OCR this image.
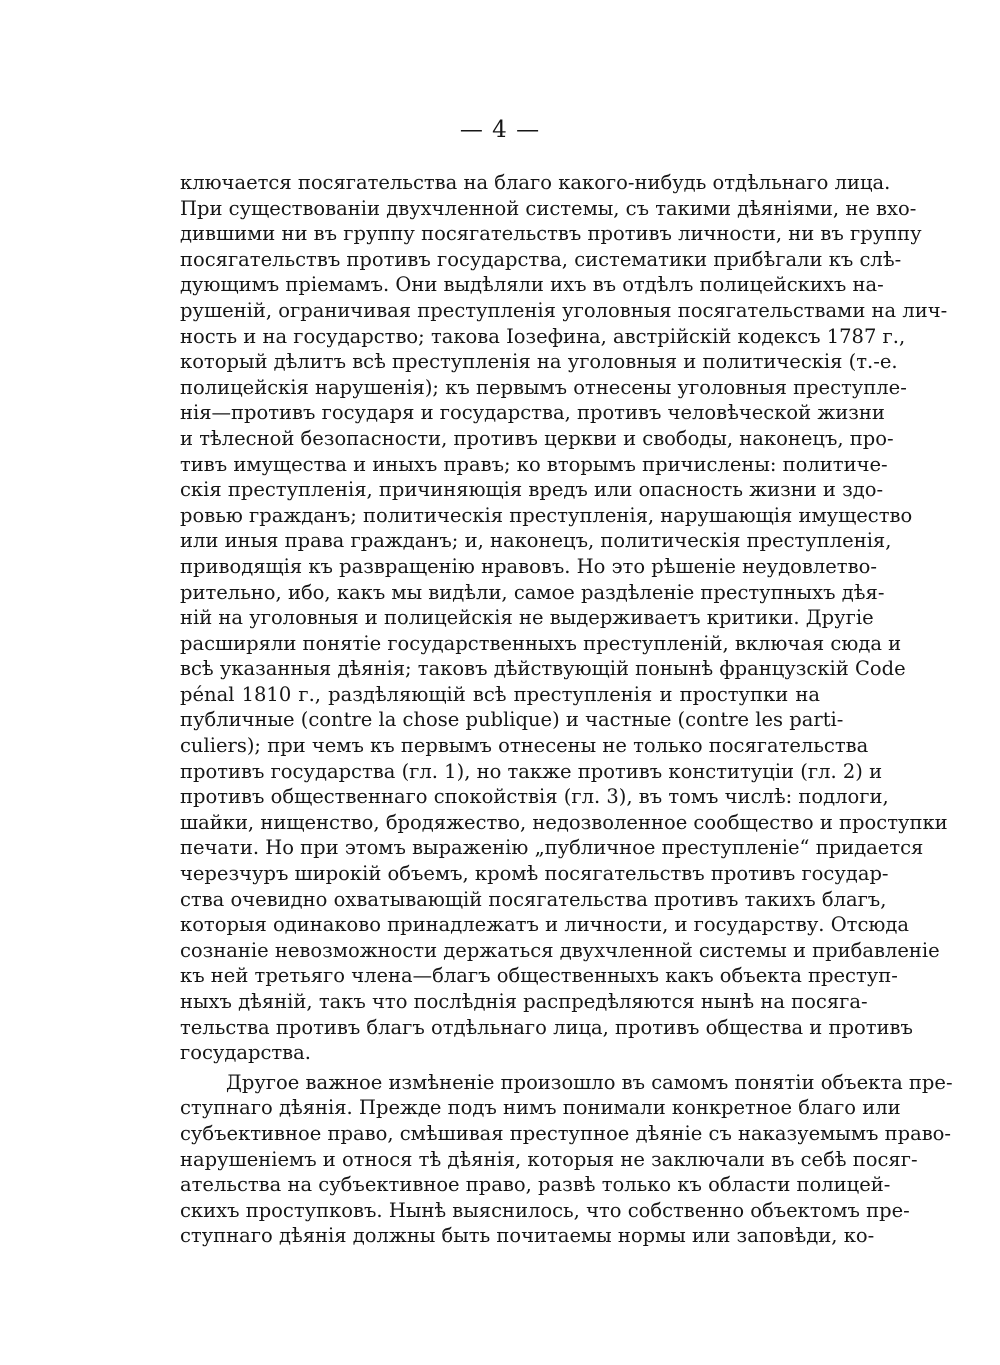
— 4 —
ключается посягательства на благо какого-нибудь отдѣльнаго лица.
При существованіи двухчленной системы, съ такими дѣяніями, не вхо-
дившими ни въ группу посягательствъ противъ личности, ни въ группу
посягательствъ противъ государства, систематики прибѣгали къ слѣ-
дующимъ пріемамъ. Они выдѣляли ихъ въ отдѣлъ полицейскихъ на-
рушеній, ограничивая преступленія уголовныя посягательствами на лич-
ность и на государство; такова Іозефина, австрійскій кодексъ 1787 г.,
который дѣлитъ всѣ преступленія на уголовныя и политическія (т.-е.
полицейскія нарушенія); къ первымъ отнесены уголовныя преступле-
нія—противъ государя и государства, противъ человѣческой жизни
и тѣлесной безопасности, противъ церкви и свободы, наконецъ, про-
тивъ имущества и иныхъ правъ; ко вторымъ причислены: политиче-
скія преступленія, причиняющія вредъ или опасность жизни и здо-
ровью гражданъ; политическія преступленія, нарушающія имущество
или иныя права гражданъ; и, наконецъ, политическія преступленія,
приводящія къ развращенію нравовъ. Но это рѣшеніе неудовлетво-
рительно, ибо, какъ мы видѣли, самое раздѣленіе преступныхъ дѣя-
ній на уголовныя и полицейскія не выдерживаетъ критики. Другіе
расширяли понятіе государственныхъ преступленій, включая сюда и
всѣ указанныя дѣянія; таковъ дѣйствующій понынѣ французскій Code
pénal 1810 г., раздѣляющій всѣ преступленія и проступки на
публичные (contre la chose publique) и частные (contre les parti-
culiers); при чемъ къ первымъ отнесены не только посягательства
противъ государства (гл. 1), но также противъ конституціи (гл. 2) и
противъ общественнаго спокойствія (гл. 3), въ томъ числѣ: подлоги,
шайки, нищенство, бродяжество, недозволенное сообщество и проступки
печати. Но при этомъ выраженію „публичное преступленіе“ придается
черезчуръ широкій объемъ, кромѣ посягательствъ противъ государ-
ства очевидно охватывающій посягательства противъ такихъ благъ,
которыя одинаково принадлежатъ и личности, и государству. Отсюда
сознаніе невозможности держаться двухчленной системы и прибавленіе
къ ней третьяго члена—благъ общественныхъ какъ объекта преступ-
ныхъ дѣяній, такъ что послѣднія распредѣляются нынѣ на посяга-
тельства противъ благъ отдѣльнаго лица, противъ общества и противъ
государства.
Другое важное измѣненіе произошло въ самомъ понятіи объекта пре-
ступнаго дѣянія. Прежде подъ нимъ понимали конкретное благо или
субъективное право, смѣшивая преступное дѣяніе съ наказуемымъ право-
нарушеніемъ и относя тѣ дѣянія, которыя не заключали въ себѣ посяг-
ательства на субъективное право, развѣ только къ области полицей-
скихъ проступковъ. Нынѣ выяснилось, что собственно объектомъ пре-
ступнаго дѣянія должны быть почитаемы нормы или заповѣди, ко-
